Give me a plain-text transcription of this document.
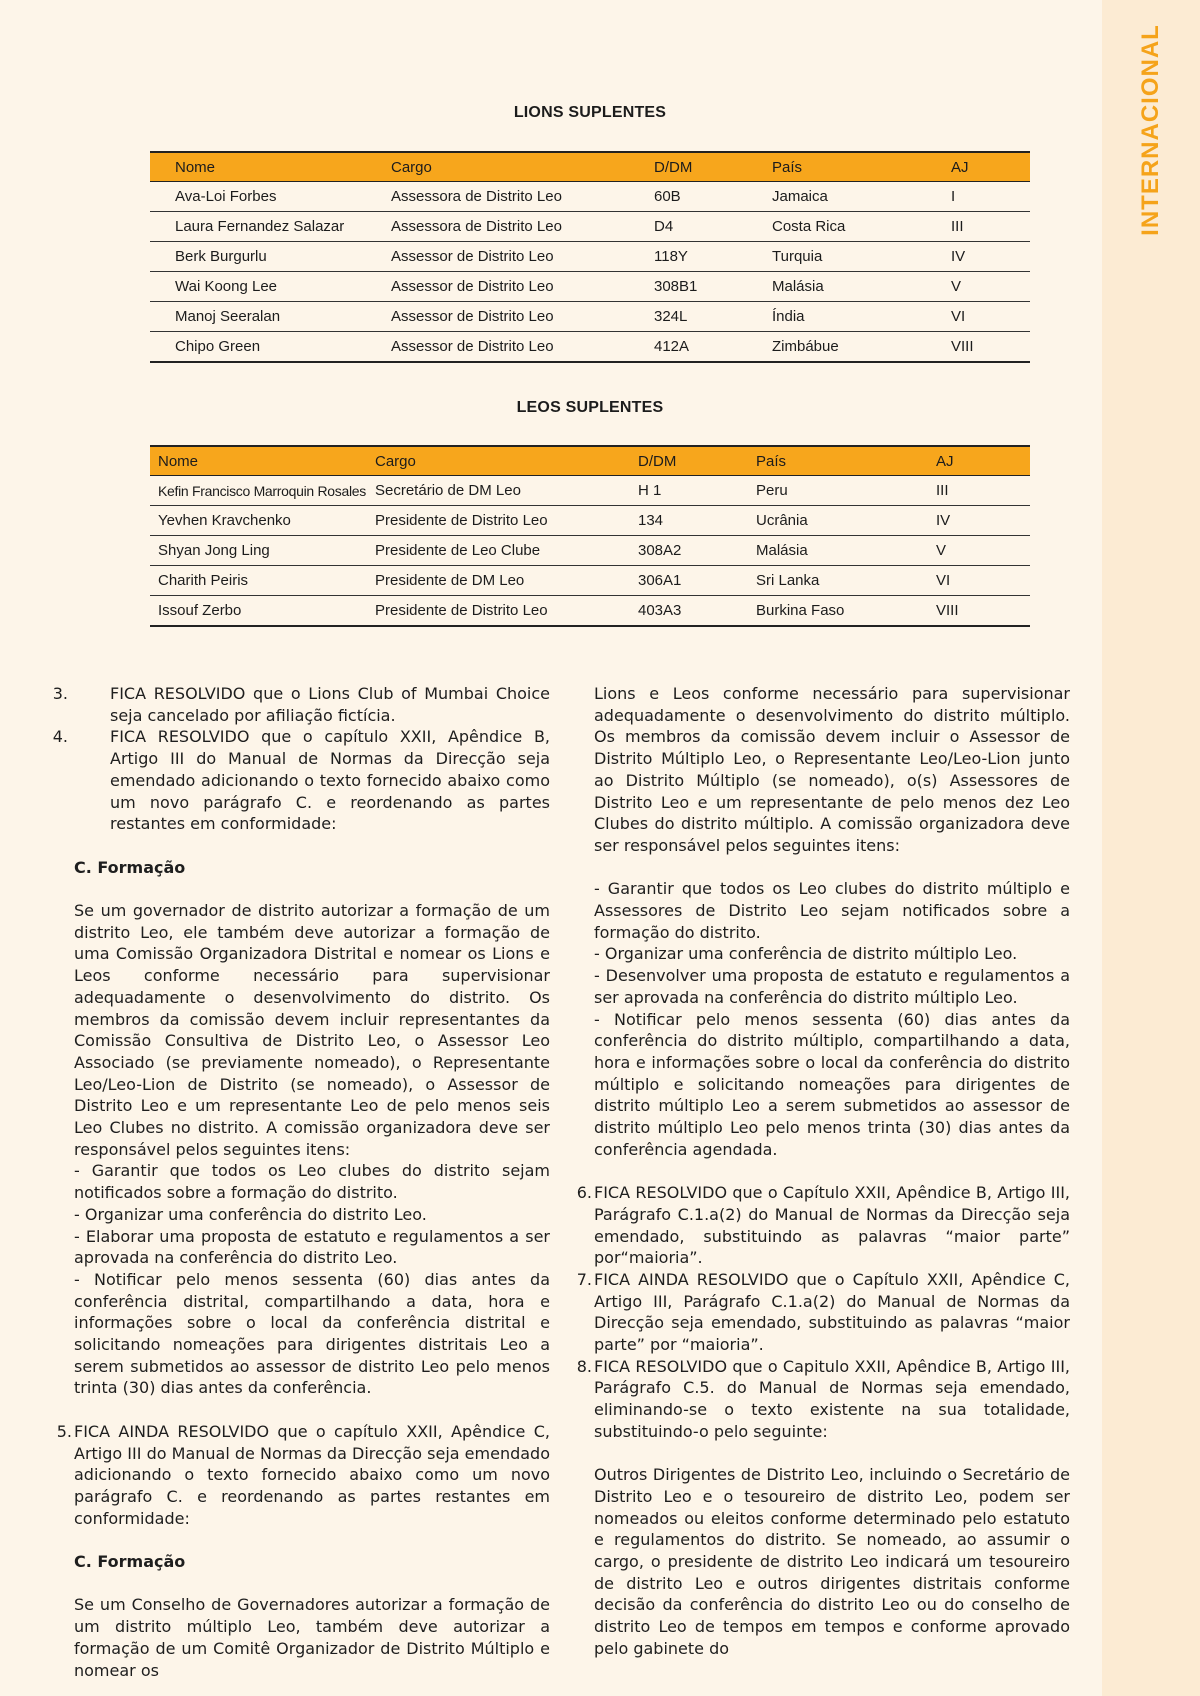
INTERNACIONAL
LIONS SUPLENTES
Nome	Cargo	D/DM	País	AJ
Ava-Loi Forbes	Assessora de Distrito Leo	60B	Jamaica	I
Laura Fernandez Salazar	Assessora de Distrito Leo	D4	Costa Rica	III
Berk Burgurlu	Assessor de Distrito Leo	118Y	Turquia	IV
Wai Koong Lee	Assessor de Distrito Leo	308B1	Malásia	V
Manoj Seeralan	Assessor de Distrito Leo	324L	Índia	VI
Chipo Green	Assessor de Distrito Leo	412A	Zimbábue	VIII
LEOS SUPLENTES
Nome	Cargo	D/DM	País	AJ
Kefin Francisco Marroquin Rosales	Secretário de DM Leo	H 1	Peru	III
Yevhen Kravchenko	Presidente de Distrito Leo	134	Ucrânia	IV
Shyan Jong Ling	Presidente de Leo Clube	308A2	Malásia	V
Charith Peiris	Presidente de DM Leo	306A1	Sri Lanka	VI
Issouf Zerbo	Presidente de Distrito Leo	403A3	Burkina Faso	VIII
3.	FICA RESOLVIDO que o Lions Club of Mumbai Choice seja cancelado por afiliação fictícia.

4.	FICA RESOLVIDO que o capítulo XXII, Apêndice B, Artigo III do Manual de Normas da Direcção seja emendado adicionando o texto fornecido abaixo como um novo parágrafo C. e reordenando as partes restantes em conformidade:

C. Formação

Se um governador de distrito autorizar a formação de um distrito Leo, ele também deve autorizar a formação de uma Comissão Organizadora Distrital e nomear os Lions e Leos conforme necessário para supervisionar adequadamente o desenvolvimento do distrito. Os membros da comissão devem incluir representantes da Comissão Consultiva de Distrito Leo, o Assessor Leo Associado (se previamente nomeado), o Representante Leo/Leo-Lion de Distrito (se nomeado), o Assessor de Distrito Leo e um representante Leo de pelo menos seis Leo Clubes no distrito. A comissão organizadora deve ser responsável pelos seguintes itens:

- Garantir que todos os Leo clubes do distrito sejam notificados sobre a formação do distrito.

- Organizar uma conferência do distrito Leo.

- Elaborar uma proposta de estatuto e regulamentos a ser aprovada na conferência do distrito Leo.

- Notificar pelo menos sessenta (60) dias antes da conferência distrital, compartilhando a data, hora e informações sobre o local da conferência distrital e solicitando nomeações para dirigentes distritais Leo a serem submetidos ao assessor de distrito Leo pelo menos trinta (30) dias antes da conferência.

5. FICA AINDA RESOLVIDO que o capítulo XXII, Apêndice C, Artigo III do Manual de Normas da Direcção seja emendado adicionando o texto fornecido abaixo como um novo parágrafo C. e reordenando as partes restantes em conformidade:

C. Formação

Se um Conselho de Governadores autorizar a formação de um distrito múltiplo Leo, também deve autorizar a formação de um Comitê Organizador de Distrito Múltiplo e nomear os

Lions e Leos conforme necessário para supervisionar adequadamente o desenvolvimento do distrito múltiplo. Os membros da comissão devem incluir o Assessor de Distrito Múltiplo Leo, o Representante Leo/Leo-Lion junto ao Distrito Múltiplo (se nomeado), o(s) Assessores de Distrito Leo e um representante de pelo menos dez Leo Clubes do distrito múltiplo. A comissão organizadora deve ser responsável pelos seguintes itens:

- Garantir que todos os Leo clubes do distrito múltiplo e Assessores de Distrito Leo sejam notificados sobre a formação do distrito.

- Organizar uma conferência de distrito múltiplo Leo.

- Desenvolver uma proposta de estatuto e regulamentos a ser aprovada na conferência do distrito múltiplo Leo.

- Notificar pelo menos sessenta (60) dias antes da conferência do distrito múltiplo, compartilhando a data, hora e informações sobre o local da conferência do distrito múltiplo e solicitando nomeações para dirigentes de distrito múltiplo Leo a serem submetidos ao assessor de distrito múltiplo Leo pelo menos trinta (30) dias antes da conferência agendada.

6. FICA RESOLVIDO que o Capítulo XXII, Apêndice B, Artigo III, Parágrafo C.1.a(2) do Manual de Normas da Direcção seja emendado, substituindo as palavras “maior parte” por“maioria”.

7. FICA AINDA RESOLVIDO que o Capítulo XXII, Apêndice C, Artigo III, Parágrafo C.1.a(2) do Manual de Normas da Direcção seja emendado, substituindo as palavras “maior parte” por “maioria”.

8. FICA RESOLVIDO que o Capitulo XXII, Apêndice B, Artigo III, Parágrafo C.5. do Manual de Normas seja emendado, eliminando-se o texto existente na sua totalidade, substituindo-o pelo seguinte:

Outros Dirigentes de Distrito Leo, incluindo o Secretário de Distrito Leo e o tesoureiro de distrito Leo, podem ser nomeados ou eleitos conforme determinado pelo estatuto e regulamentos do distrito. Se nomeado, ao assumir o cargo, o presidente de distrito Leo indicará um tesoureiro de distrito Leo e outros dirigentes distritais conforme decisão da conferência do distrito Leo ou do conselho de distrito Leo de tempos em tempos e conforme aprovado pelo gabinete do
